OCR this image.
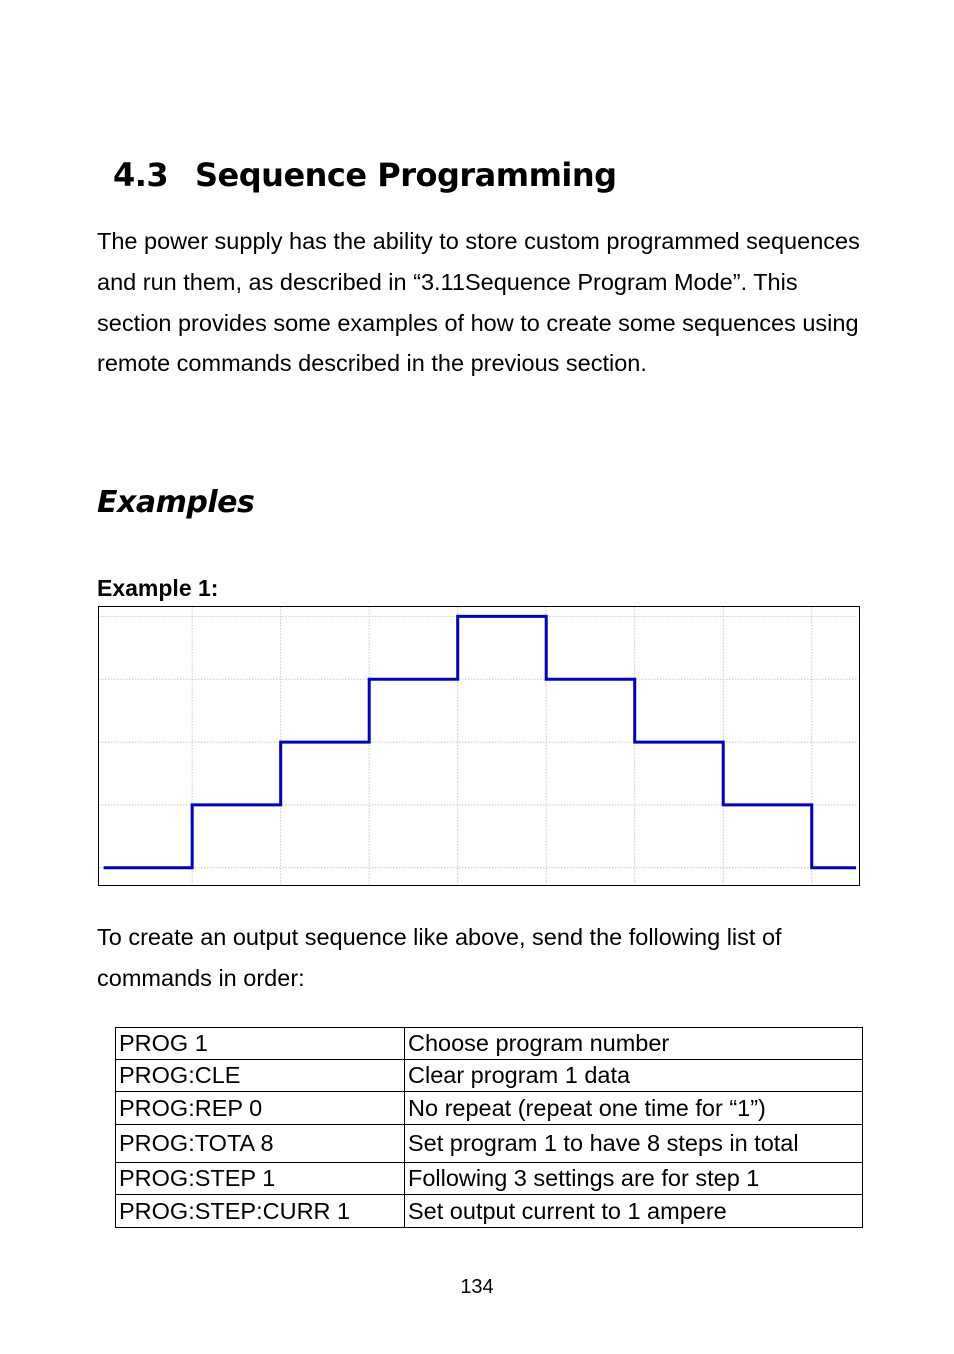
4.3 Sequence Programming

The power supply has the ability to store custom programmed sequences and run them, as described in “3.11Sequence Program Mode”. This section provides some examples of how to create some sequences using remote commands described in the previous section.

Examples

Example 1:

To create an output sequence like above, send the following list of commands in order:

PROG 1	Choose program number
PROG:CLE	Clear program 1 data
PROG:REP 0	No repeat (repeat one time for “1”)
PROG:TOTA 8	Set program 1 to have 8 steps in total
PROG:STEP 1	Following 3 settings are for step 1
PROG:STEP:CURR 1	Set output current to 1 ampere
134
